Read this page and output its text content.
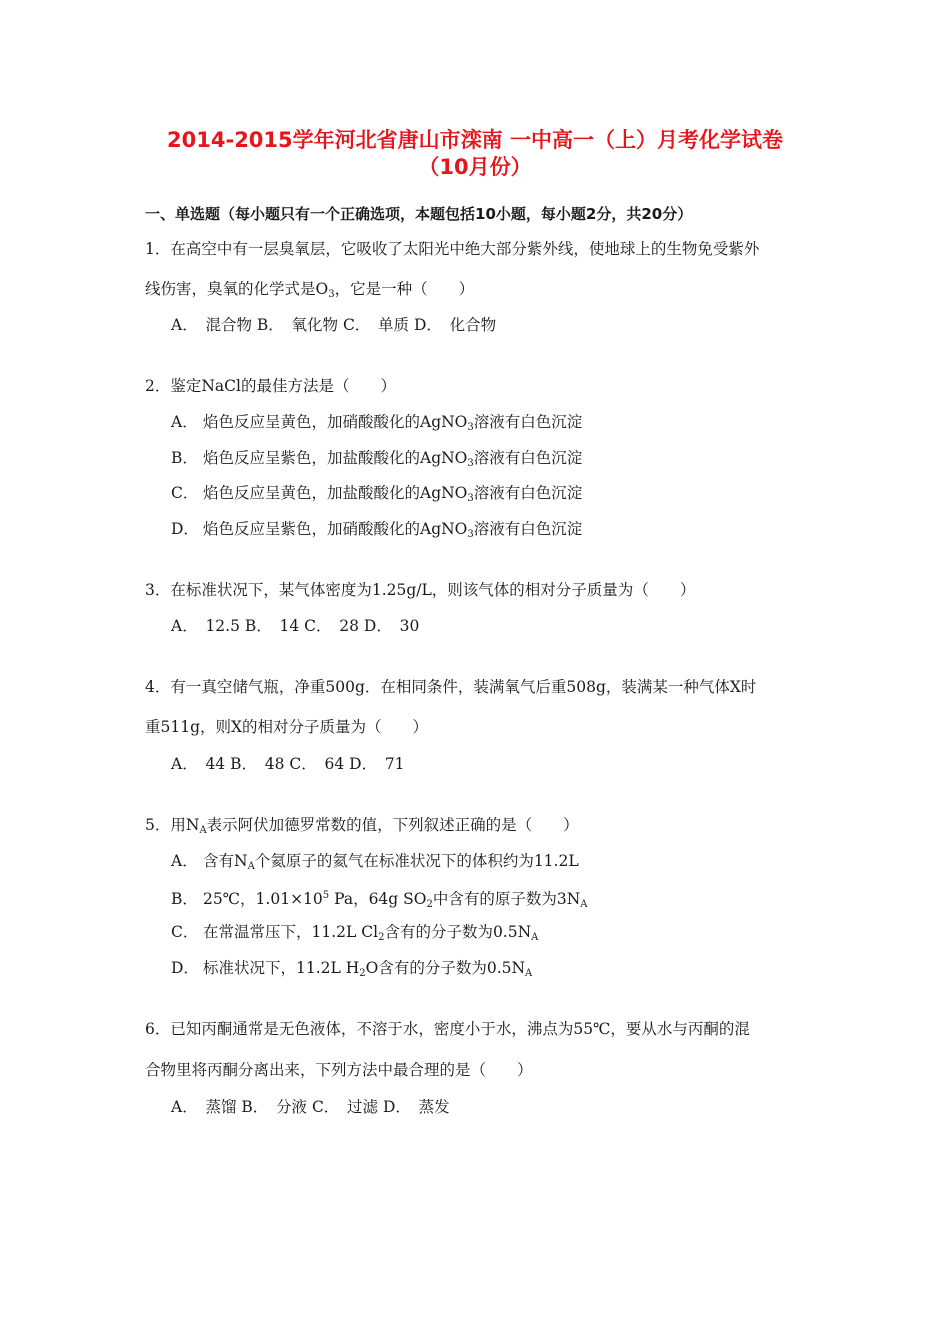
2014-2015学年河北省唐山市滦南 一中高一（上）月考化学试卷
（10月份）
一、单选题（每小题只有一个正确选项，本题包括10小题，每小题2分，共20分）
1．在高空中有一层臭氧层，它吸收了太阳光中绝大部分紫外线，使地球上的生物免受紫外
线伤害，臭氧的化学式是$O_3$，它是一种（　　）
A．　混合物 B．　氧化物 C．　单质 D．　化合物
2．鉴定NaCl的最佳方法是（　　）
A． 焰色反应呈黄色，加硝酸酸化的AgNO$_3$溶液有白色沉淀
B． 焰色反应呈紫色，加盐酸酸化的AgNO$_3$溶液有白色沉淀
C． 焰色反应呈黄色，加盐酸酸化的AgNO$_3$溶液有白色沉淀
D． 焰色反应呈紫色，加硝酸酸化的AgNO$_3$溶液有白色沉淀
3．在标准状况下，某气体密度为1.25g/L，则该气体的相对分子质量为（　　）
A．　12.5 B．　14 C．　28 D．　30
4．有一真空储气瓶，净重500g．在相同条件，装满氧气后重508g，装满某一种气体X时
重511g，则X的相对分子质量为（　　）
A．　44 B．　48 C．　64 D．　71
5．用$N_A$表示阿伏加德罗常数的值，下列叙述正确的是（　　）
A． 含有$N_A$个氦原子的氦气在标准状况下的体积约为11.2L
B． 25℃，$1.01\times 10^5$ Pa，64g $SO_2$中含有的原子数为$3N_A$
C． 在常温常压下，11.2L $Cl_2$含有的分子数为$0.5N_A$
D． 标准状况下，11.2L $H_2O$含有的分子数为$0.5N_A$
6．已知丙酮通常是无色液体，不溶于水，密度小于水，沸点为55℃，要从水与丙酮的混
合物里将丙酮分离出来，下列方法中最合理的是（　　）
A．　蒸馏 B．　分液 C．　过滤 D．　蒸发
